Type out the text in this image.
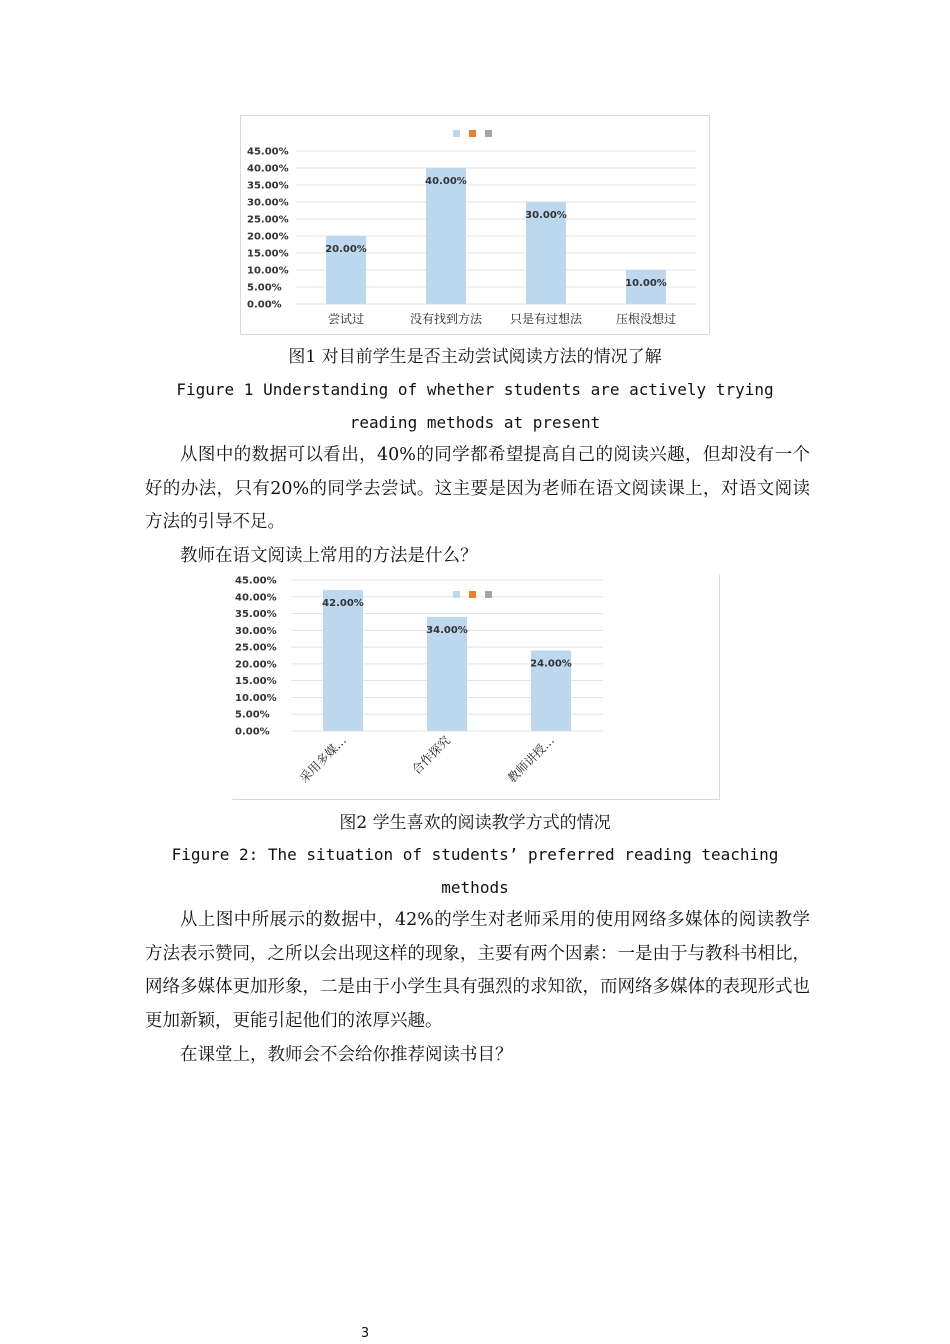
0.00%
5.00%
10.00%
15.00%
20.00%
25.00%
30.00%
35.00%
40.00%
45.00%
20.00%
尝试过
40.00%
没有找到方法
30.00%
只是有过想法
10.00%
压根没想过
图1 对目前学生是否主动尝试阅读方法的情况了解
Figure 1 Understanding of whether students are actively trying reading methods at present

从图中的数据可以看出，40%的同学都希望提高自己的阅读兴趣，但却没有一个好的办法，只有20%的同学去尝试。这主要是因为老师在语文阅读课上，对语文阅读方法的引导不足。

教师在语文阅读上常用的方法是什么？

0.00%
5.00%
10.00%
15.00%
20.00%
25.00%
30.00%
35.00%
40.00%
45.00%
42.00%
采用多媒…
34.00%
合作探究
24.00%
教师讲授…
图2 学生喜欢的阅读教学方式的情况
Figure 2: The situation of students’ preferred reading teaching methods

从上图中所展示的数据中，42%的学生对老师采用的使用网络多媒体的阅读教学方法表示赞同，之所以会出现这样的现象，主要有两个因素：一是由于与教科书相比，网络多媒体更加形象，二是由于小学生具有强烈的求知欲，而网络多媒体的表现形式也更加新颖，更能引起他们的浓厚兴趣。

在课堂上，教师会不会给你推荐阅读书目？

3
